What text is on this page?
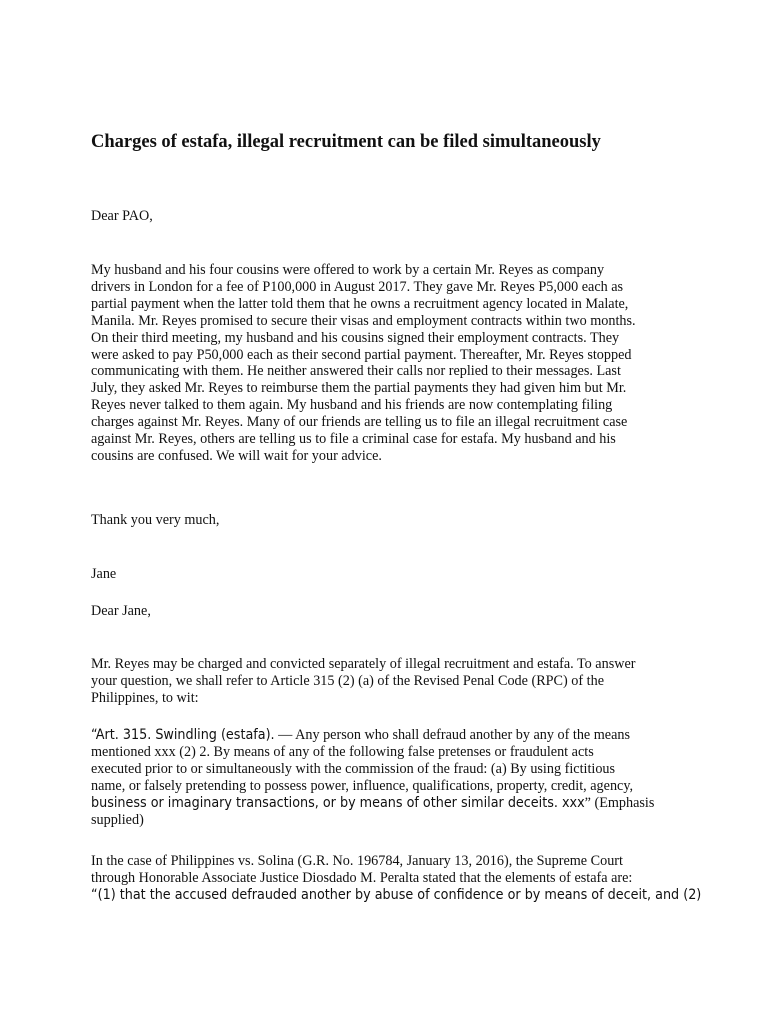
Charges of estafa, illegal recruitment can be filed simultaneously

Dear PAO,

My husband and his four cousins were offered to work by a certain Mr. Reyes as company
drivers in London for a fee of P100,000 in August 2017. They gave Mr. Reyes P5,000 each as
partial payment when the latter told them that he owns a recruitment agency located in Malate,
Manila. Mr. Reyes promised to secure their visas and employment contracts within two months.
On their third meeting, my husband and his cousins signed their employment contracts. They
were asked to pay P50,000 each as their second partial payment. Thereafter, Mr. Reyes stopped
communicating with them. He neither answered their calls nor replied to their messages. Last
July, they asked Mr. Reyes to reimburse them the partial payments they had given him but Mr.
Reyes never talked to them again. My husband and his friends are now contemplating filing
charges against Mr. Reyes. Many of our friends are telling us to file an illegal recruitment case
against Mr. Reyes, others are telling us to file a criminal case for estafa. My husband and his
cousins are confused. We will wait for your advice.

Thank you very much,

Jane

Dear Jane,

Mr. Reyes may be charged and convicted separately of illegal recruitment and estafa. To answer
your question, we shall refer to Article 315 (2) (a) of the Revised Penal Code (RPC) of the
Philippines, to wit:

“Art. 315. Swindling (estafa). — Any person who shall defraud another by any of the means
mentioned xxx (2) 2. By means of any of the following false pretenses or fraudulent acts
executed prior to or simultaneously with the commission of the fraud: (a) By using fictitious
name, or falsely pretending to possess power, influence, qualifications, property, credit, agency,
business or imaginary transactions, or by means of other similar deceits. xxx” (Emphasis
supplied)

In the case of Philippines vs. Solina (G.R. No. 196784, January 13, 2016), the Supreme Court
through Honorable Associate Justice Diosdado M. Peralta stated that the elements of estafa are:
“(1) that the accused defrauded another by abuse of confidence or by means of deceit, and (2)
